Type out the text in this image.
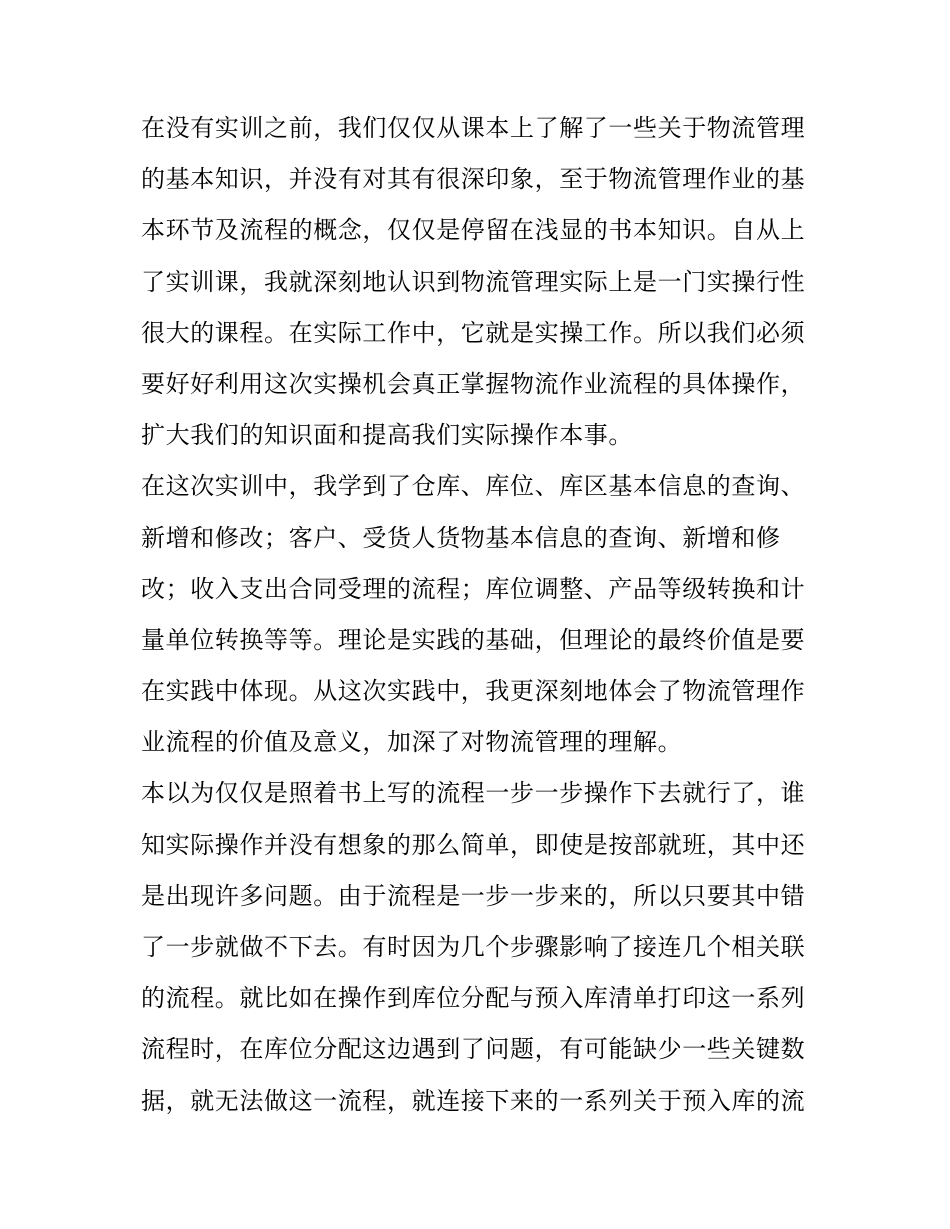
在没有实训之前，我们仅仅从课本上了解了一些关于物流管理
的基本知识，并没有对其有很深印象，至于物流管理作业的基
本环节及流程的概念，仅仅是停留在浅显的书本知识。自从上
了实训课，我就深刻地认识到物流管理实际上是一门实操行性
很大的课程。在实际工作中，它就是实操工作。所以我们必须
要好好利用这次实操机会真正掌握物流作业流程的具体操作，
扩大我们的知识面和提高我们实际操作本事。
在这次实训中，我学到了仓库、库位、库区基本信息的查询、
新增和修改；客户、受货人货物基本信息的查询、新增和修
改；收入支出合同受理的流程；库位调整、产品等级转换和计
量单位转换等等。理论是实践的基础，但理论的最终价值是要
在实践中体现。从这次实践中，我更深刻地体会了物流管理作
业流程的价值及意义，加深了对物流管理的理解。
本以为仅仅是照着书上写的流程一步一步操作下去就行了，谁
知实际操作并没有想象的那么简单，即使是按部就班，其中还
是出现许多问题。由于流程是一步一步来的，所以只要其中错
了一步就做不下去。有时因为几个步骤影响了接连几个相关联
的流程。就比如在操作到库位分配与预入库清单打印这一系列
流程时，在库位分配这边遇到了问题，有可能缺少一些关键数
据，就无法做这一流程，就连接下来的一系列关于预入库的流
